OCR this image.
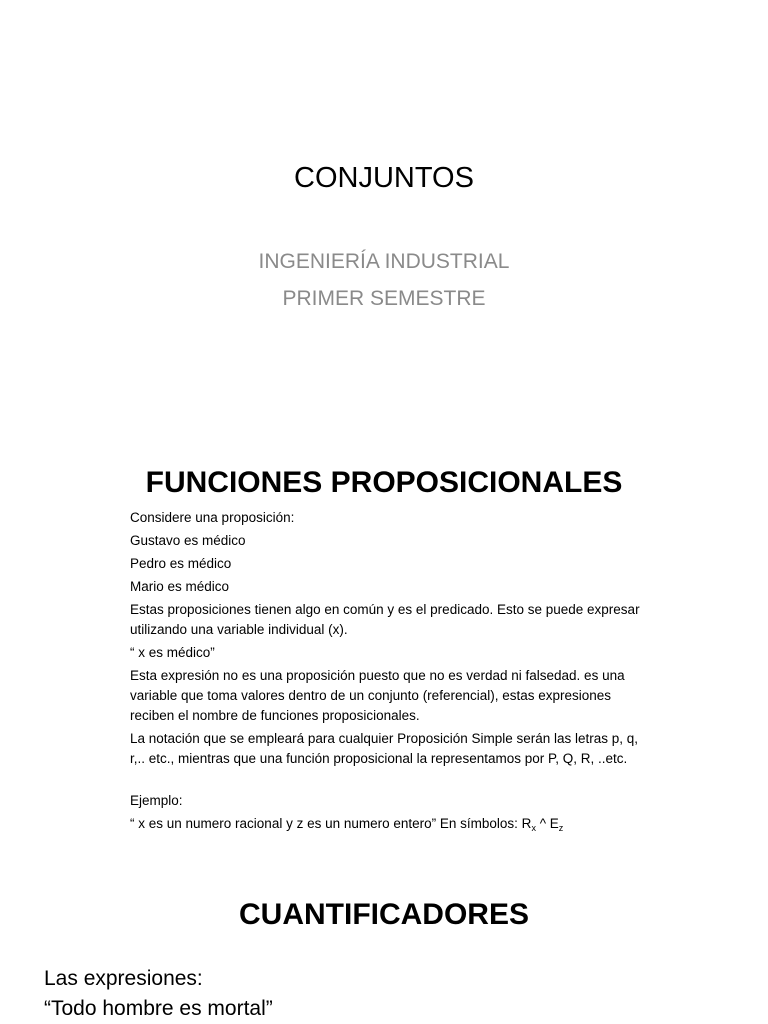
CONJUNTOS
INGENIERÍA INDUSTRIAL
PRIMER SEMESTRE
FUNCIONES PROPOSICIONALES

Considere una proposición:

Gustavo es médico

Pedro es médico

Mario es médico

Estas proposiciones tienen algo en común y es el predicado. Esto se puede expresar utilizando una variable individual (x).

“ x es médico”

Esta expresión no es una proposición puesto que no es verdad ni falsedad. es una variable que toma valores dentro de un conjunto (referencial), estas expresiones reciben el nombre de funciones proposicionales.

La notación que se empleará para cualquier Proposición Simple serán las letras p, q, r,.. etc., mientras que una función proposicional la representamos por P, Q, R, ..etc.

Ejemplo:

“ x es un numero racional y z es un numero entero” En símbolos: $R_x$ ^ $E_z$

CUANTIFICADORES

Las expresiones:

“Todo hombre es mortal”
